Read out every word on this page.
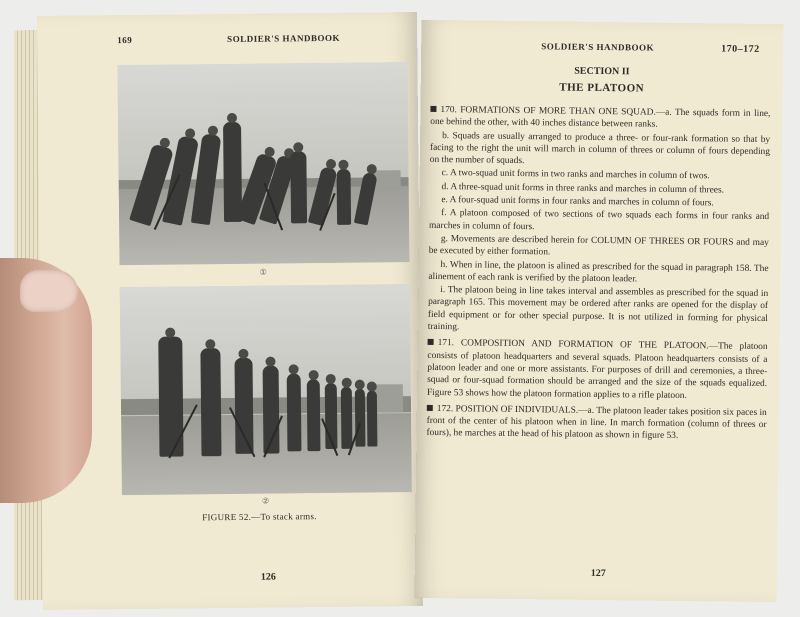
169	SOLDIER'S HANDBOOK
①
②
FIGURE 52.—To stack arms.
126
SOLDIER'S HANDBOOK	170–172
SECTION II
THE PLATOON

170. FORMATIONS OF MORE THAN ONE SQUAD.—a. The squads form in line, one behind the other, with 40 inches distance between ranks.

b. Squads are usually arranged to produce a three- or four-rank formation so that by facing to the right the unit will march in column of threes or column of fours depending on the number of squads.

c. A two-squad unit forms in two ranks and marches in column of twos.

d. A three-squad unit forms in three ranks and marches in column of threes.

e. A four-squad unit forms in four ranks and marches in column of fours.

f. A platoon composed of two sections of two squads each forms in four ranks and marches in column of fours.

g. Movements are described herein for COLUMN OF THREES OR FOURS and may be executed by either formation.

h. When in line, the platoon is alined as prescribed for the squad in paragraph 158. The alinement of each rank is verified by the platoon leader.

i. The platoon being in line takes interval and assembles as prescribed for the squad in paragraph 165. This movement may be ordered after ranks are opened for the display of field equipment or for other special purpose. It is not utilized in forming for physical training.

171. COMPOSITION AND FORMATION OF THE PLATOON.—The platoon consists of platoon headquarters and several squads. Platoon headquarters consists of a platoon leader and one or more assistants. For purposes of drill and ceremonies, a three-squad or four-squad formation should be arranged and the size of the squads equalized. Figure 53 shows how the platoon formation applies to a rifle platoon.

172. POSITION OF INDIVIDUALS.—a. The platoon leader takes position six paces in front of the center of his platoon when in line. In march formation (column of threes or fours), he marches at the head of his platoon as shown in figure 53.

127
